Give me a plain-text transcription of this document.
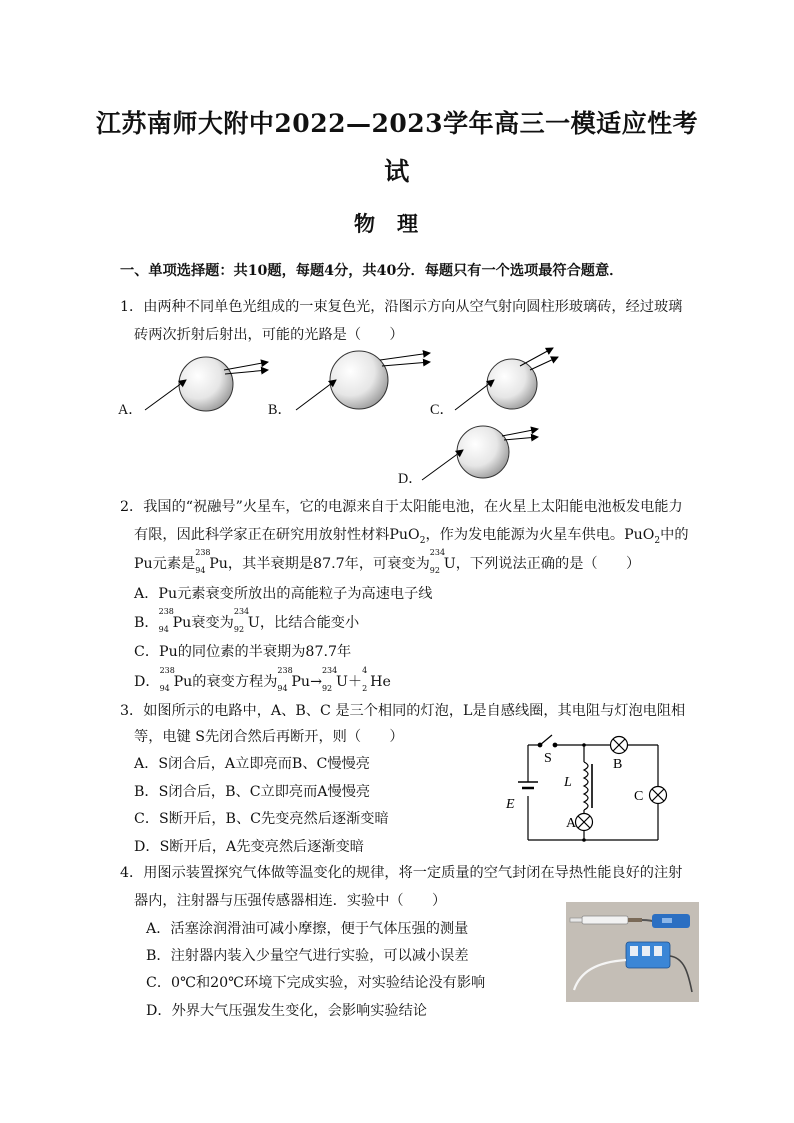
江苏南师大附中2022—2023学年高三一模适应性考
试
物理
一、单项选择题：共10题，每题4分，共40分．每题只有一个选项最符合题意．
1．由两种不同单色光组成的一束复色光，沿图示方向从空气射向圆柱形玻璃砖，经过玻璃
砖两次折射后射出，可能的光路是（　　）
A．	B．	C．
D．
2．我国的“祝融号”火星车，它的电源来自于太阳能电池，在火星上太阳能电池板发电能力
有限，因此科学家正在研究用放射性材料PuO$_2$，作为发电能源为火星车供电。PuO$_2$中的
Pu元素是
238
94 Pu，其半衰期是87.7年，可衰变为
234
92 U，下列说法正确的是（　　）
A．Pu元素衰变所放出的高能粒子为高速电子线
B．
238
94 Pu衰变为
234
92 U，比结合能变小
C．Pu的同位素的半衰期为87.7年
D．
238
94 Pu的衰变方程为
238
94 Pu→
234
92 U＋
4
2 He
3．如图所示的电路中，A、B、C 是三个相同的灯泡，L是自感线圈，其电阻与灯泡电阻相
等，电键 S先闭合然后再断开，则（　　）
A．S闭合后，A立即亮而B、C慢慢亮
B．S闭合后，B、C立即亮而A慢慢亮
C．S断开后，B、C先变亮然后逐渐变暗
D．S断开后，A先变亮然后逐渐变暗
S	B
L
C
E
A
4．用图示装置探究气体做等温变化的规律，将一定质量的空气封闭在导热性能良好的注射
器内，注射器与压强传感器相连．实验中（　　）
A．活塞涂润滑油可减小摩擦，便于气体压强的测量
B．注射器内装入少量空气进行实验，可以减小误差
C．0℃和20℃环境下完成实验，对实验结论没有影响
D．外界大气压强发生变化，会影响实验结论
